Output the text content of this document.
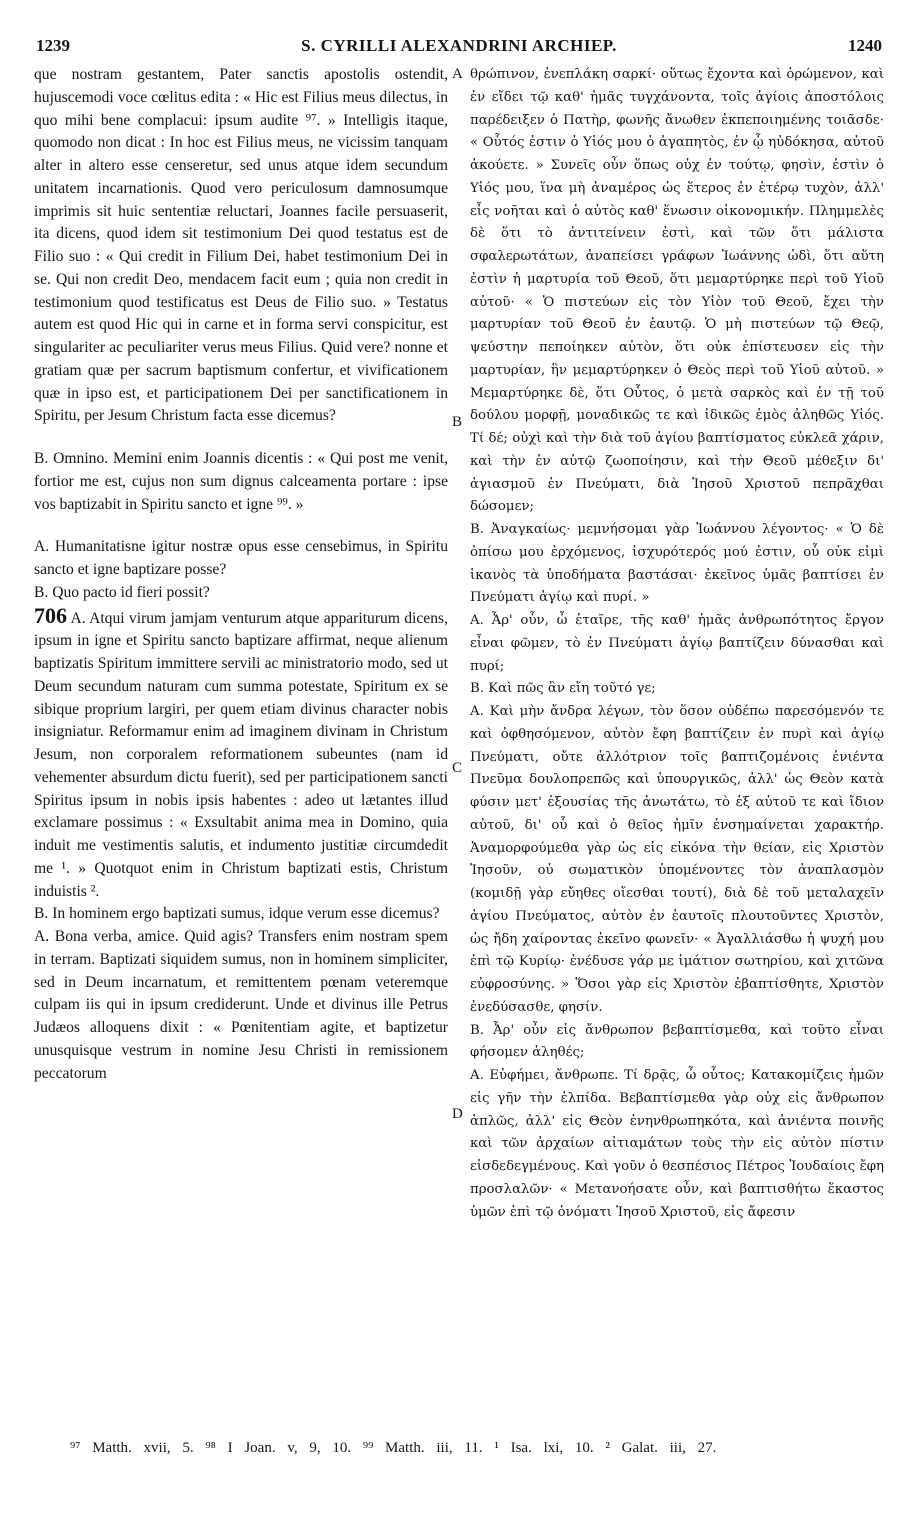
1239	S. CYRILLI ALEXANDRINI ARCHIEP.	1240
A
B
C
D

que nostram gestantem, Pater sanctis apostolis ostendit, hujuscemodi voce cœlitus edita : « Hic est Filius meus dilectus, in quo mihi bene complacui: ipsum audite ⁹⁷. » Intelligis itaque, quomodo non dicat : In hoc est Filius meus, ne vicissim tanquam alter in altero esse censeretur, sed unus atque idem secundum unitatem incarnationis. Quod vero periculosum damnosumque imprimis sit huic sententiæ reluctari, Joannes facile persuaserit, ita dicens, quod idem sit testimonium Dei quod testatus est de Filio suo : « Qui credit in Filium Dei, habet testimonium Dei in se. Qui non credit Deo, mendacem facit eum ; quia non credit in testimonium quod testificatus est Deus de Filio suo. » Testatus autem est quod Hic qui in carne et in forma servi conspicitur, est singulariter ac peculiariter verus meus Filius. Quid vere? nonne et gratiam quæ per sacrum baptismum confertur, et vivificationem quæ in ipso est, et participationem Dei per sanctificationem in Spiritu, per Jesum Christum facta esse dicemus?

B. Omnino. Memini enim Joannis dicentis : « Qui post me venit, fortior me est, cujus non sum dignus calceamenta portare : ipse vos baptizabit in Spiritu sancto et igne ⁹⁹. »

A. Humanitatisne igitur nostræ opus esse censebimus, in Spiritu sancto et igne baptizare posse?

B. Quo pacto id fieri possit?

706 A. Atqui virum jamjam venturum atque appariturum dicens, ipsum in igne et Spiritu sancto baptizare affirmat, neque alienum baptizatis Spiritum immittere servili ac ministratorio modo, sed ut Deum secundum naturam cum summa potestate, Spiritum ex se sibique proprium largiri, per quem etiam divinus character nobis insigniatur. Reformamur enim ad imaginem divinam in Christum Jesum, non corporalem reformationem subeuntes (nam id vehementer absurdum dictu fuerit), sed per participationem sancti Spiritus ipsum in nobis ipsis habentes : adeo ut lætantes illud exclamare possimus : « Exsultabit anima mea in Domino, quia induit me vestimentis salutis, et indumento justitiæ circumdedit me ¹. » Quotquot enim in Christum baptizati estis, Christum induistis ².

B. In hominem ergo baptizati sumus, idque verum esse dicemus?

A. Bona verba, amice. Quid agis? Transfers enim nostram spem in terram. Baptizati siquidem sumus, non in hominem simpliciter, sed in Deum incarnatum, et remittentem pœnam veteremque culpam iis qui in ipsum crediderunt. Unde et divinus ille Petrus Judæos alloquens dixit : « Pœnitentiam agite, et baptizetur unusquisque vestrum in nomine Jesu Christi in remissionem peccatorum

θρώπινον, ἐνεπλάκη σαρκί· οὕτως ἔχοντα καὶ ὁρώμενον, καὶ ἐν εἴδει τῷ καθ' ἡμᾶς τυγχάνοντα, τοῖς ἁγίοις ἀποστόλοις παρέδειξεν ὁ Πατὴρ, φωνῆς ἄνωθεν ἐκπεποιημένης τοιᾶσδε· « Οὗτός ἐστιν ὁ Υἱός μου ὁ ἀγαπητὸς, ἐν ᾧ ηὐδόκησα, αὐτοῦ ἀκούετε. » Συνεῖς οὖν ὅπως οὐχ ἐν τούτῳ, φησὶν, ἐστὶν ὁ Υἱός μου, ἵνα μὴ ἀναμέρος ὡς ἕτερος ἐν ἑτέρῳ τυχὸν, ἀλλ' εἷς νοῆται καὶ ὁ αὐτὸς καθ' ἕνωσιν οἰκονομικήν. Πλημμελὲς δὲ ὅτι τὸ ἀντιτείνειν ἐστὶ, καὶ τῶν ὅτι μάλιστα σφαλερωτάτων, ἀναπείσει γράφων Ἰωάννης ὡδὶ, ὅτι αὕτη ἐστὶν ἡ μαρτυρία τοῦ Θεοῦ, ὅτι μεμαρτύρηκε περὶ τοῦ Υἱοῦ αὐτοῦ· « Ὁ πιστεύων εἰς τὸν Υἱὸν τοῦ Θεοῦ, ἔχει τὴν μαρτυρίαν τοῦ Θεοῦ ἐν ἑαυτῷ. Ὁ μὴ πιστεύων τῷ Θεῷ, ψεύστην πεποίηκεν αὐτὸν, ὅτι οὐκ ἐπίστευσεν εἰς τὴν μαρτυρίαν, ἣν μεμαρτύρηκεν ὁ Θεὸς περὶ τοῦ Υἱοῦ αὐτοῦ. » Μεμαρτύρηκε δὲ, ὅτι Οὗτος, ὁ μετὰ σαρκὸς καὶ ἐν τῇ τοῦ δούλου μορφῇ, μοναδικῶς τε καὶ ἰδικῶς ἐμὸς ἀληθῶς Υἱός. Τί δέ; οὐχὶ καὶ τὴν διὰ τοῦ ἁγίου βαπτίσματος εὐκλεᾶ χάριν, καὶ τὴν ἐν αὐτῷ ζωοποίησιν, καὶ τὴν Θεοῦ μέθεξιν δι' ἁγιασμοῦ ἐν Πνεύματι, διὰ Ἰησοῦ Χριστοῦ πεπρᾶχθαι δώσομεν;

Β. Ἀναγκαίως· μεμνήσομαι γὰρ Ἰωάννου λέγοντος· « Ὁ δὲ ὀπίσω μου ἐρχόμενος, ἰσχυρότερός μού ἐστιν, οὗ οὐκ εἰμὶ ἱκανὸς τὰ ὑποδήματα βαστάσαι· ἐκεῖνος ὑμᾶς βαπτίσει ἐν Πνεύματι ἁγίῳ καὶ πυρί. »

Α. Ἆρ' οὖν, ὦ ἑταῖρε, τῆς καθ' ἡμᾶς ἀνθρωπότητος ἔργον εἶναι φῶμεν, τὸ ἐν Πνεύματι ἁγίῳ βαπτίζειν δύνασθαι καὶ πυρί;

Β. Καὶ πῶς ἂν εἴη τοῦτό γε;

Α. Καὶ μὴν ἄνδρα λέγων, τὸν ὅσον οὐδέπω παρεσόμενόν τε καὶ ὀφθησόμενον, αὐτὸν ἔφη βαπτίζειν ἐν πυρὶ καὶ ἁγίῳ Πνεύματι, οὔτε ἀλλότριον τοῖς βαπτιζομένοις ἐνιέντα Πνεῦμα δουλοπρεπῶς καὶ ὑπουργικῶς, ἀλλ' ὡς Θεὸν κατὰ φύσιν μετ' ἐξουσίας τῆς ἀνωτάτω, τὸ ἐξ αὐτοῦ τε καὶ ἴδιον αὐτοῦ, δι' οὗ καὶ ὁ θεῖος ἡμῖν ἐνσημαίνεται χαρακτήρ. Ἀναμορφούμεθα γὰρ ὡς εἰς εἰκόνα τὴν θείαν, εἰς Χριστὸν Ἰησοῦν, οὐ σωματικὸν ὑπομένοντες τὸν ἀναπλασμὸν (κομιδῇ γὰρ εὔηθες οἴεσθαι τουτί), διὰ δὲ τοῦ μεταλαχεῖν ἁγίου Πνεύματος, αὐτὸν ἐν ἑαυτοῖς πλουτοῦντες Χριστὸν, ὡς ἤδη χαίροντας ἐκεῖνο φωνεῖν· « Ἀγαλλιάσθω ἡ ψυχή μου ἐπὶ τῷ Κυρίῳ· ἐνέδυσε γάρ με ἱμάτιον σωτηρίου, καὶ χιτῶνα εὐφροσύνης. » Ὅσοι γὰρ εἰς Χριστὸν ἐβαπτίσθητε, Χριστὸν ἐνεδύσασθε, φησίν.

Β. Ἆρ' οὖν εἰς ἄνθρωπον βεβαπτίσμεθα, καὶ τοῦτο εἶναι φήσομεν ἀληθές;

Α. Εὐφήμει, ἄνθρωπε. Τί δρᾷς, ὦ οὗτος; Κατακομίζεις ἡμῶν εἰς γῆν τὴν ἐλπίδα. Βεβαπτίσμεθα γὰρ οὐχ εἰς ἄνθρωπον ἁπλῶς, ἀλλ' εἰς Θεὸν ἐνηνθρωπηκότα, καὶ ἀνιέντα ποινῆς καὶ τῶν ἀρχαίων αἰτιαμάτων τοὺς τὴν εἰς αὐτὸν πίστιν εἰσδεδεγμένους. Καὶ γοῦν ὁ θεσπέσιος Πέτρος Ἰουδαίοις ἔφη προσλαλῶν· « Μετανοήσατε οὖν, καὶ βαπτισθήτω ἕκαστος ὑμῶν ἐπὶ τῷ ὀνόματι Ἰησοῦ Χριστοῦ, εἰς ἄφεσιν

⁹⁷ Matth. xvii, 5. ⁹⁸ I Joan. v, 9, 10. ⁹⁹ Matth. iii, 11. ¹ Isa. lxi, 10. ² Galat. iii, 27.
